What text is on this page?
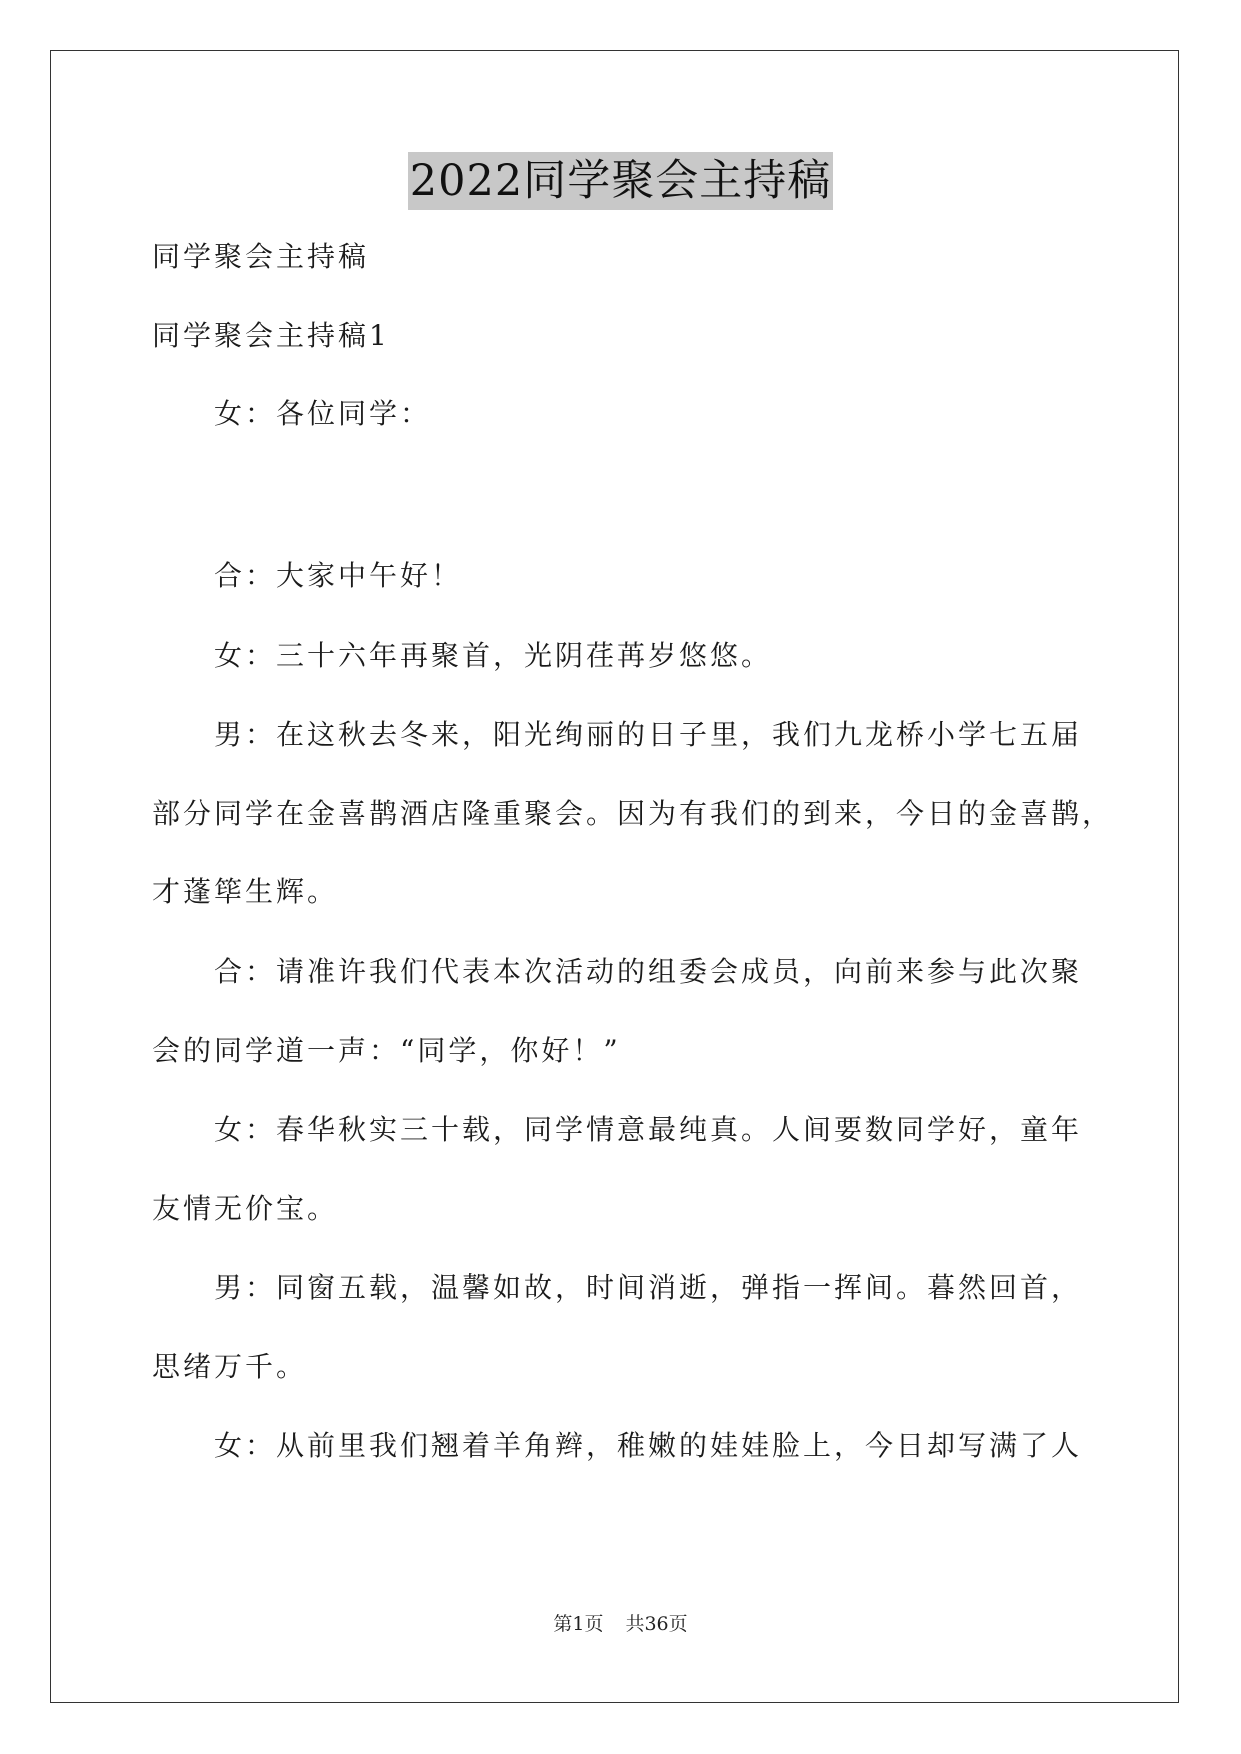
2022同学聚会主持稿
同学聚会主持稿
同学聚会主持稿1
女：各位同学：
合：大家中午好！
女：三十六年再聚首，光阴荏苒岁悠悠。
男：在这秋去冬来，阳光绚丽的日子里，我们九龙桥小学七五届
部分同学在金喜鹊酒店隆重聚会。因为有我们的到来，今日的金喜鹊，
才蓬筚生辉。
合：请准许我们代表本次活动的组委会成员，向前来参与此次聚
会的同学道一声：“同学，你好！”
女：春华秋实三十载，同学情意最纯真。人间要数同学好，童年
友情无价宝。
男：同窗五载，温馨如故，时间消逝，弹指一挥间。暮然回首，
思绪万千。
女：从前里我们翘着羊角辫，稚嫩的娃娃脸上，今日却写满了人
第1页 共36页
